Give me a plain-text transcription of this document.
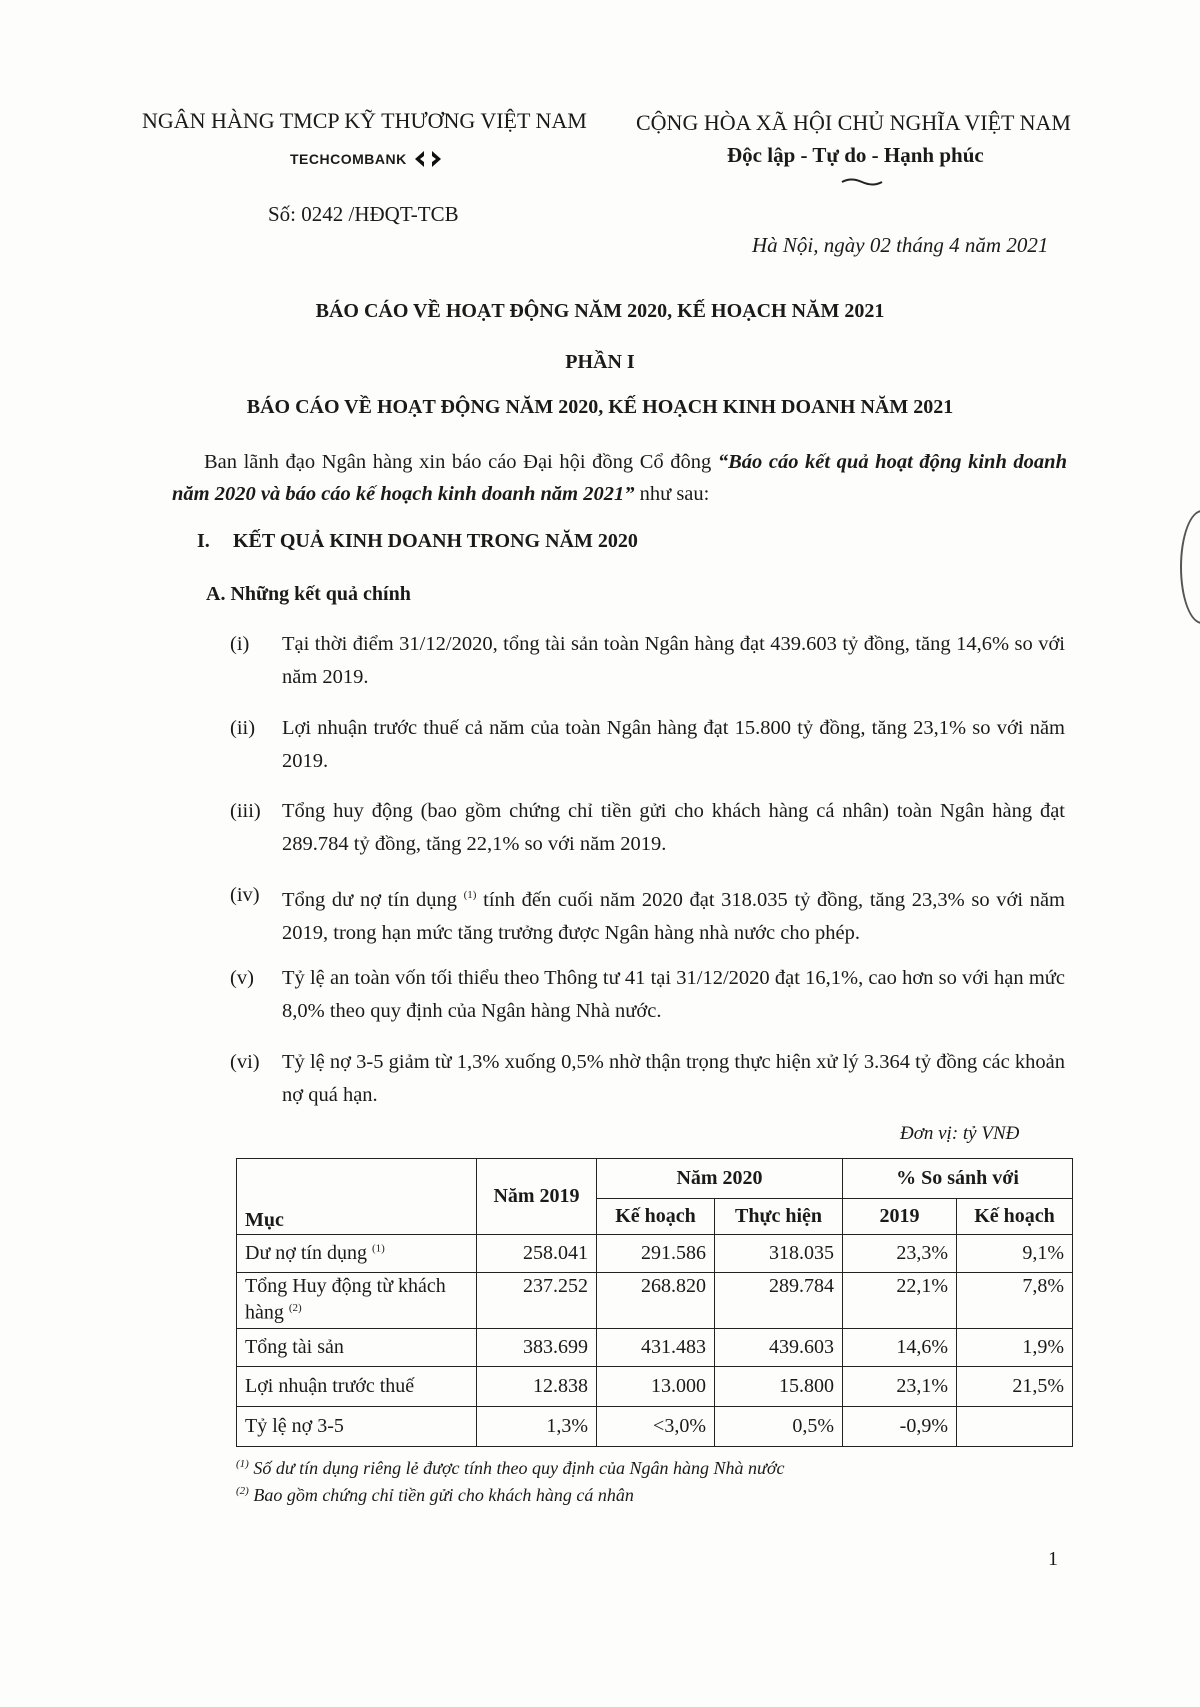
NGÂN HÀNG TMCP KỸ THƯƠNG VIỆT NAM
TECHCOMBANK
Số: 0242 /HĐQT-TCB
CỘNG HÒA XÃ HỘI CHỦ NGHĨA VIỆT NAM
Độc lập - Tự do - Hạnh phúc
Hà Nội, ngày 02 tháng 4 năm 2021
BÁO CÁO VỀ HOẠT ĐỘNG NĂM 2020, KẾ HOẠCH NĂM 2021
PHẦN I
BÁO CÁO VỀ HOẠT ĐỘNG NĂM 2020, KẾ HOẠCH KINH DOANH NĂM 2021
Ban lãnh đạo Ngân hàng xin báo cáo Đại hội đồng Cổ đông “Báo cáo kết quả hoạt động kinh doanh năm 2020 và báo cáo kế hoạch kinh doanh năm 2021” như sau:
I. KẾT QUẢ KINH DOANH TRONG NĂM 2020
A. Những kết quả chính
(i)	Tại thời điểm 31/12/2020, tổng tài sản toàn Ngân hàng đạt 439.603 tỷ đồng, tăng 14,6% so với năm 2019.
(ii)	Lợi nhuận trước thuế cả năm của toàn Ngân hàng đạt 15.800 tỷ đồng, tăng 23,1% so với năm 2019.
(iii)	Tổng huy động (bao gồm chứng chỉ tiền gửi cho khách hàng cá nhân) toàn Ngân hàng đạt 289.784 tỷ đồng, tăng 22,1% so với năm 2019.
(iv)	Tổng dư nợ tín dụng $^{(1)}$ tính đến cuối năm 2020 đạt 318.035 tỷ đồng, tăng 23,3% so với năm 2019, trong hạn mức tăng trưởng được Ngân hàng nhà nước cho phép.
(v)	Tỷ lệ an toàn vốn tối thiểu theo Thông tư 41 tại 31/12/2020 đạt 16,1%, cao hơn so với hạn mức 8,0% theo quy định của Ngân hàng Nhà nước.
(vi)	Tỷ lệ nợ 3-5 giảm từ 1,3% xuống 0,5% nhờ thận trọng thực hiện xử lý 3.364 tỷ đồng các khoản nợ quá hạn.
Đơn vị: tỷ VNĐ
Mục	Năm 2019	Năm 2020		% So sánh với	
		Kế hoạch	Thực hiện	2019	Kế hoạch
Dư nợ tín dụng $^{(1)}$	258.041	291.586	318.035	23,3%	9,1%
Tổng Huy động từ khách hàng $^{(2)}$	237.252	268.820	289.784	22,1%	7,8%
Tổng tài sản	383.699	431.483	439.603	14,6%	1,9%
Lợi nhuận trước thuế	12.838	13.000	15.800	23,1%	21,5%
Tỷ lệ nợ 3-5	1,3%	<3,0%	0,5%	-0,9%	
$^{(1)}$ Số dư tín dụng riêng lẻ được tính theo quy định của Ngân hàng Nhà nước
$^{(2)}$ Bao gồm chứng chỉ tiền gửi cho khách hàng cá nhân
1
